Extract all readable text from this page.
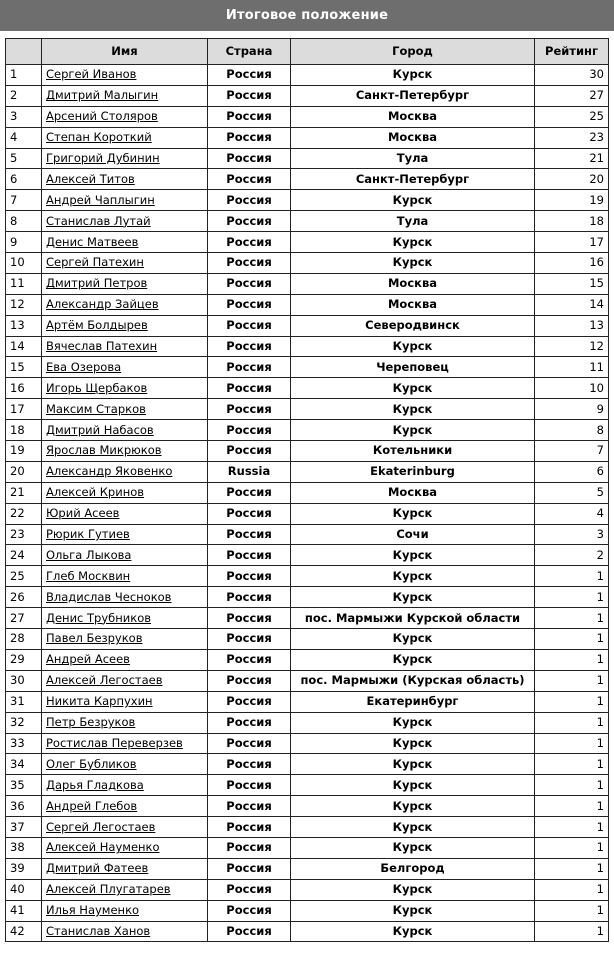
Итоговое положение
	Имя	Страна	Город	Рейтинг
1	Сергей Иванов	Россия	Курск	30
2	Дмитрий Малыгин	Россия	Санкт-Петербург	27
3	Арсений Столяров	Россия	Москва	25
4	Степан Короткий	Россия	Москва	23
5	Григорий Дубинин	Россия	Тула	21
6	Алексей Титов	Россия	Санкт-Петербург	20
7	Андрей Чаплыгин	Россия	Курск	19
8	Станислав Лутай	Россия	Тула	18
9	Денис Матвеев	Россия	Курск	17
10	Сергей Патехин	Россия	Курск	16
11	Дмитрий Петров	Россия	Москва	15
12	Александр Зайцев	Россия	Москва	14
13	Артём Болдырев	Россия	Северодвинск	13
14	Вячеслав Патехин	Россия	Курск	12
15	Ева Озерова	Россия	Череповец	11
16	Игорь Щербаков	Россия	Курск	10
17	Максим Старков	Россия	Курск	9
18	Дмитрий Набасов	Россия	Курск	8
19	Ярослав Микрюков	Россия	Котельники	7
20	Александр Яковенко	Russia	Ekaterinburg	6
21	Алексей Кринов	Россия	Москва	5
22	Юрий Асеев	Россия	Курск	4
23	Рюрик Гутиев	Россия	Сочи	3
24	Ольга Лыкова	Россия	Курск	2
25	Глеб Москвин	Россия	Курск	1
26	Владислав Чесноков	Россия	Курск	1
27	Денис Трубников	Россия	пос. Мармыжи Курской области	1
28	Павел Безруков	Россия	Курск	1
29	Андрей Асеев	Россия	Курск	1
30	Алексей Легостаев	Россия	пос. Мармыжи (Курская область)	1
31	Никита Карпухин	Россия	Екатеринбург	1
32	Петр Безруков	Россия	Курск	1
33	Ростислав Переверзев	Россия	Курск	1
34	Олег Бубликов	Россия	Курск	1
35	Дарья Гладкова	Россия	Курск	1
36	Андрей Глебов	Россия	Курск	1
37	Сергей Легостаев	Россия	Курск	1
38	Алексей Науменко	Россия	Курск	1
39	Дмитрий Фатеев	Россия	Белгород	1
40	Алексей Плугатарев	Россия	Курск	1
41	Илья Науменко	Россия	Курск	1
42	Станислав Ханов	Россия	Курск	1
